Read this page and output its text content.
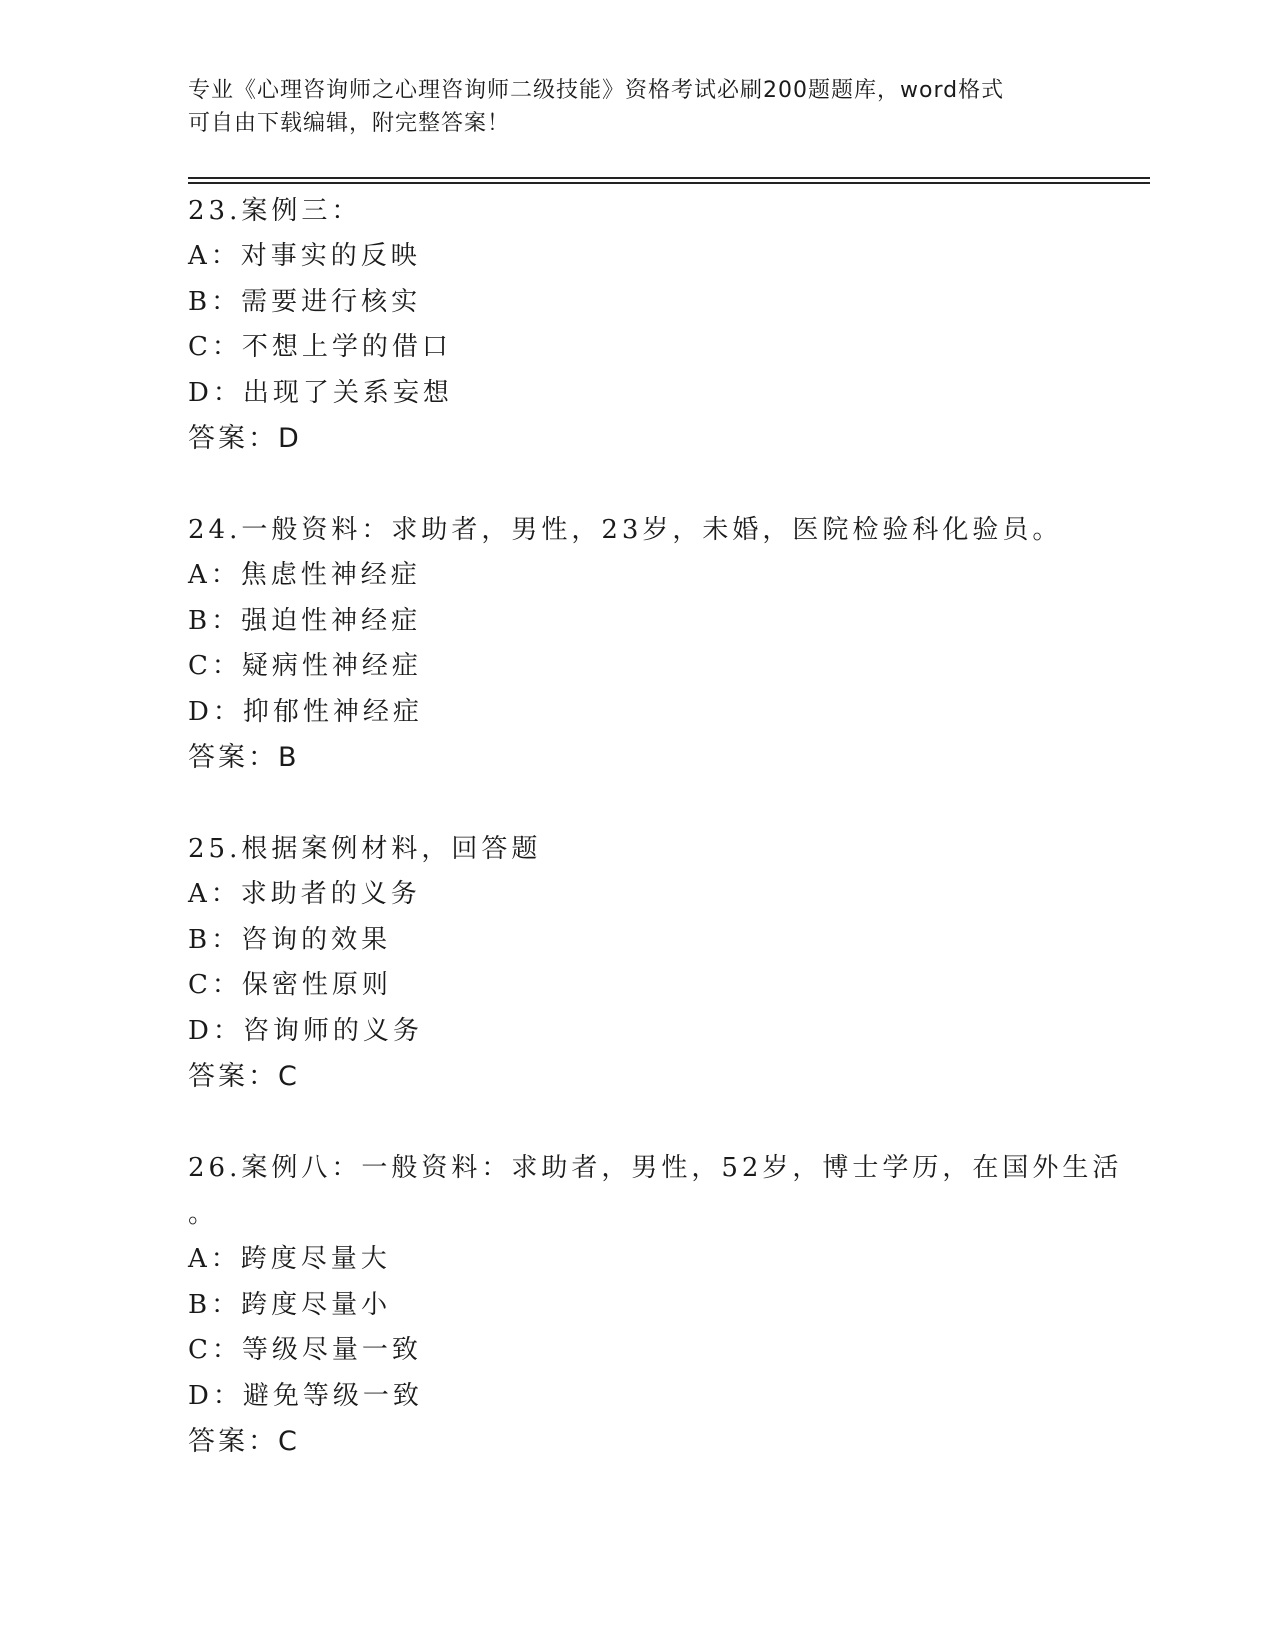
专业《心理咨询师之心理咨询师二级技能》资格考试必刷200题题库，word格式
可自由下载编辑，附完整答案！
23.案例三：
A：对事实的反映
B：需要进行核实
C：不想上学的借口
D：出现了关系妄想
答案：D
24.一般资料：求助者，男性，23岁，未婚，医院检验科化验员。
A：焦虑性神经症
B：强迫性神经症
C：疑病性神经症
D：抑郁性神经症
答案：B
25.根据案例材料，回答题
A：求助者的义务
B：咨询的效果
C：保密性原则
D：咨询师的义务
答案：C
26.案例八：一般资料：求助者，男性，52岁，博士学历，在国外生活
。
A：跨度尽量大
B：跨度尽量小
C：等级尽量一致
D：避免等级一致
答案：C
